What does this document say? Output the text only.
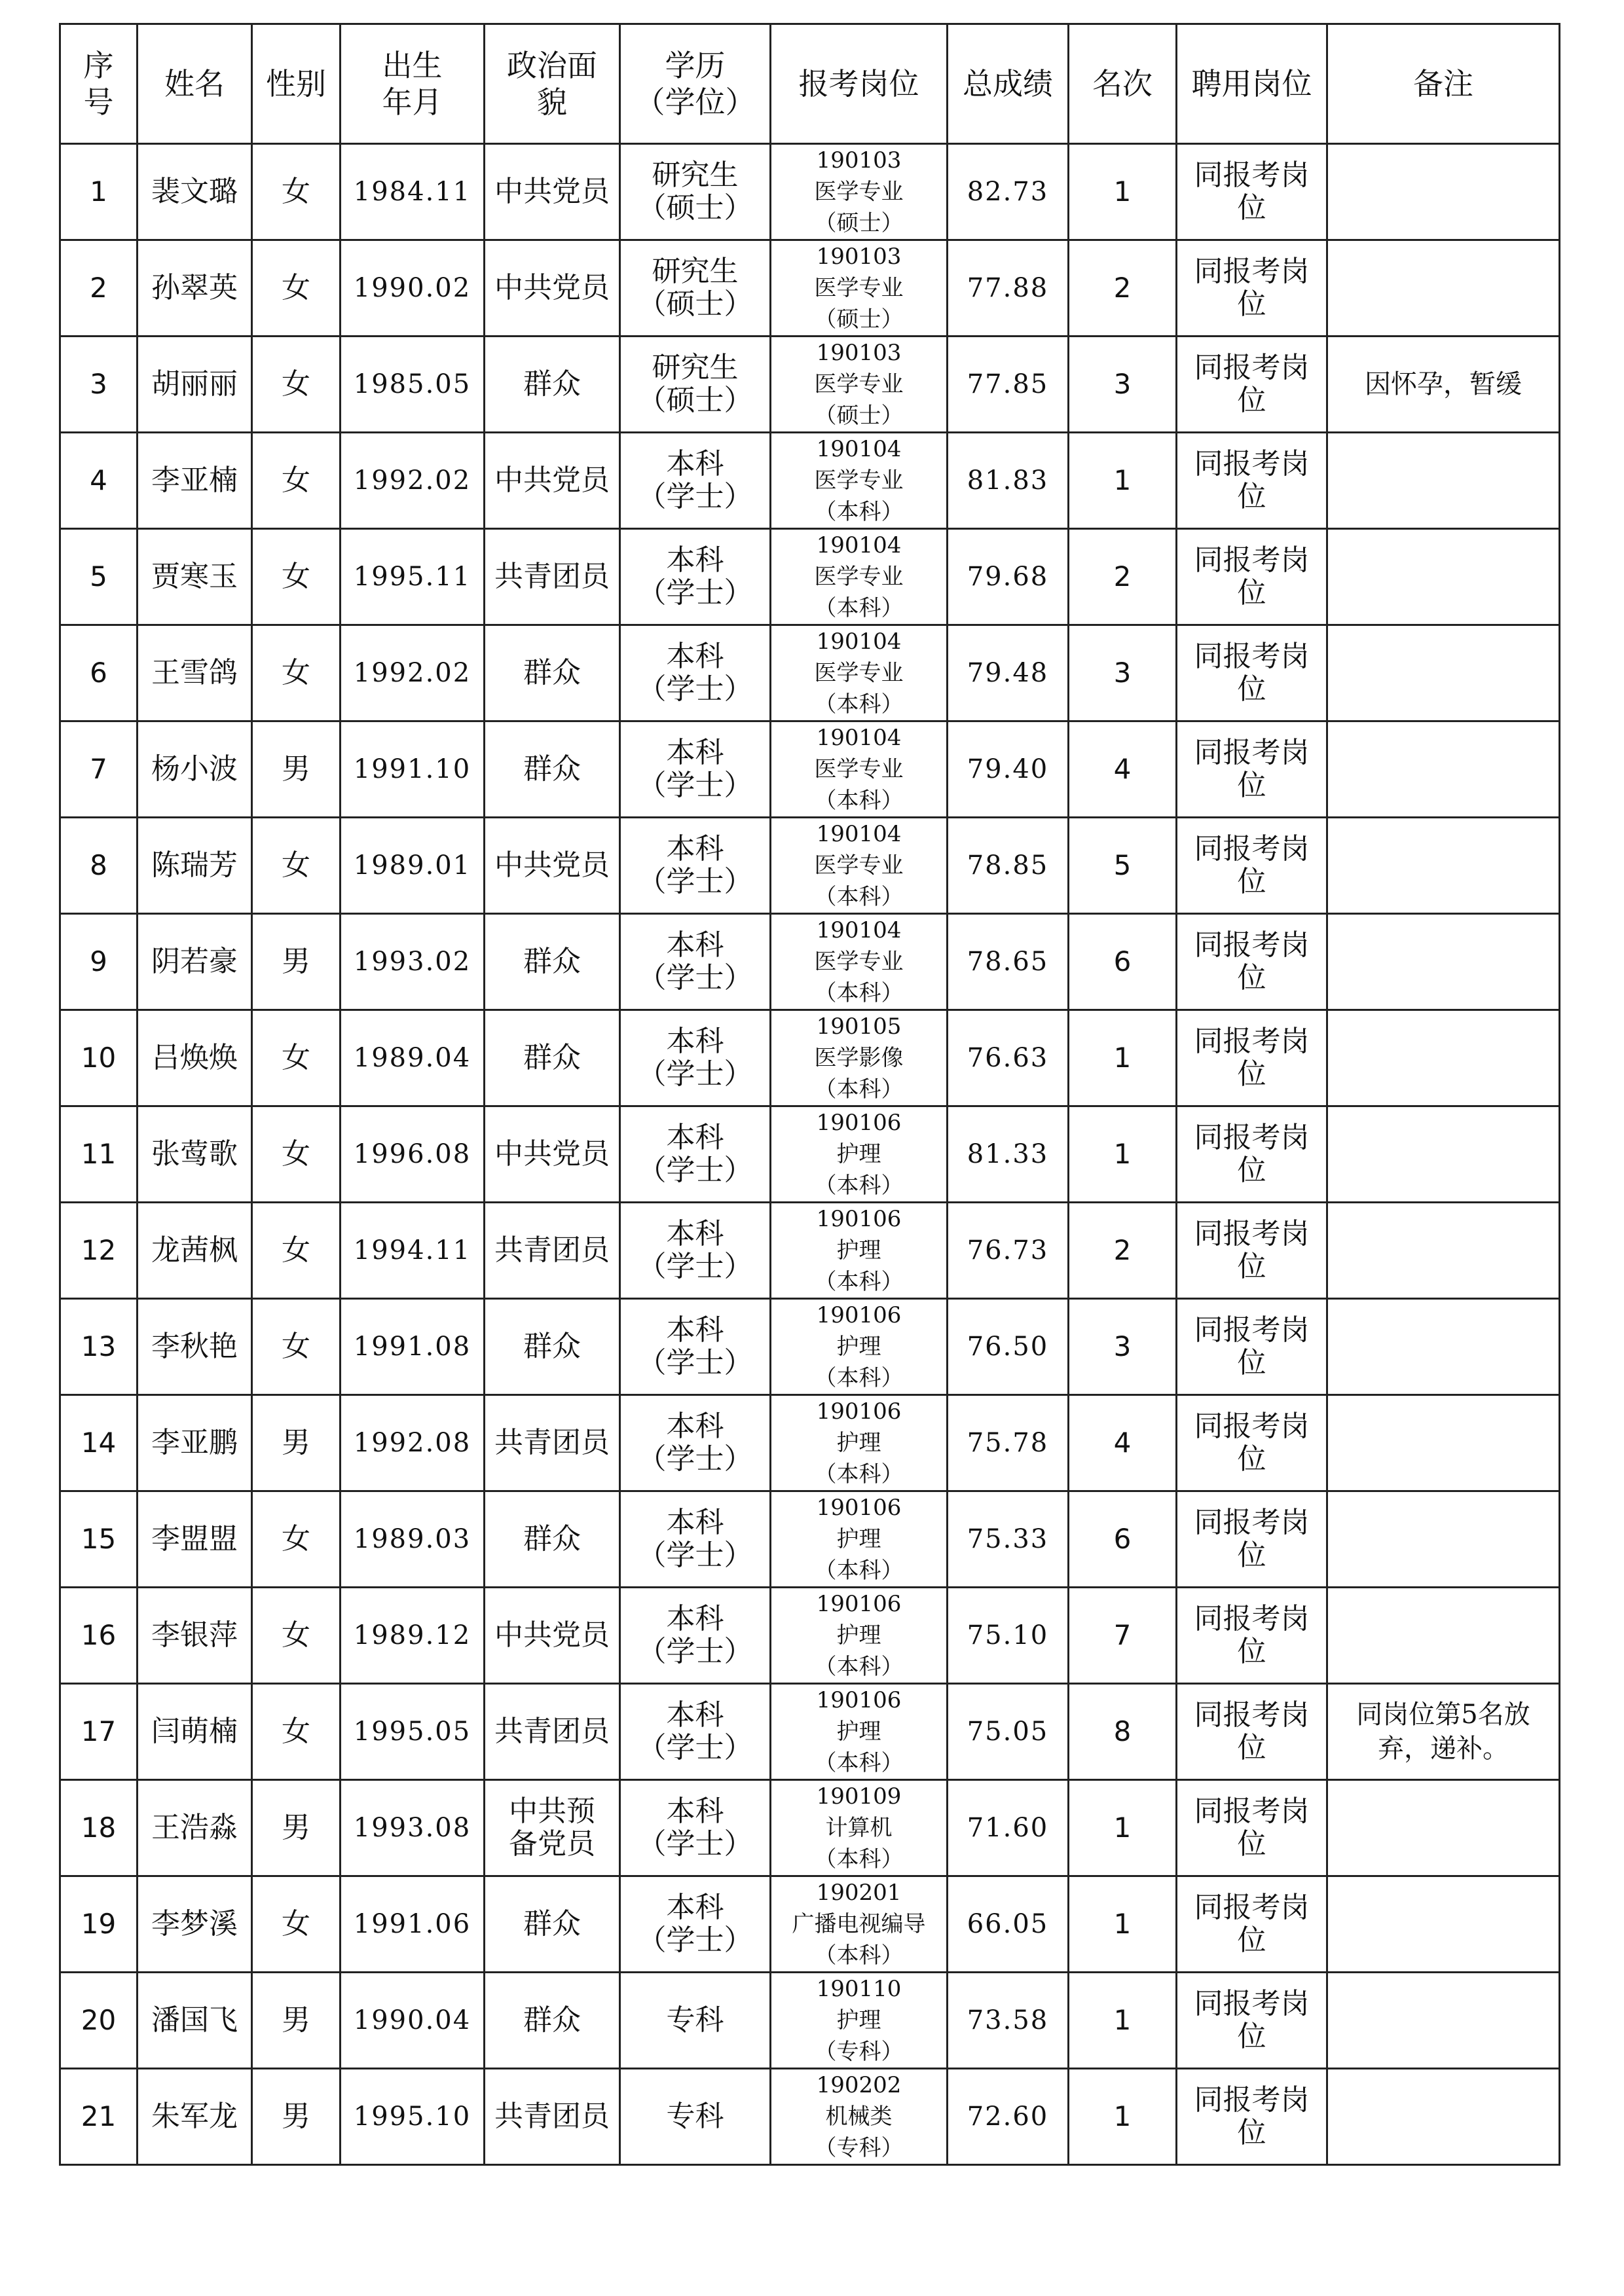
序
号	姓名	性别	出生
年月	政治面
貌	学历
（学位）	报考岗位	总成绩	名次	聘用岗位	备注

1	裴文璐	女	1984.11	中共党员	研究生
（硕士）	190103
医学专业
（硕士）	82.73	1	同报考岗
位	

2	孙翠英	女	1990.02	中共党员	研究生
（硕士）	190103
医学专业
（硕士）	77.88	2	同报考岗
位	

3	胡丽丽	女	1985.05	群众	研究生
（硕士）	190103
医学专业
（硕士）	77.85	3	同报考岗
位	因怀孕，暂缓

4	李亚楠	女	1992.02	中共党员	本科
（学士）	190104
医学专业
（本科）	81.83	1	同报考岗
位	

5	贾寒玉	女	1995.11	共青团员	本科
（学士）	190104
医学专业
（本科）	79.68	2	同报考岗
位	

6	王雪鸽	女	1992.02	群众	本科
（学士）	190104
医学专业
（本科）	79.48	3	同报考岗
位	

7	杨小波	男	1991.10	群众	本科
（学士）	190104
医学专业
（本科）	79.40	4	同报考岗
位	

8	陈瑞芳	女	1989.01	中共党员	本科
（学士）	190104
医学专业
（本科）	78.85	5	同报考岗
位	

9	阴若豪	男	1993.02	群众	本科
（学士）	190104
医学专业
（本科）	78.65	6	同报考岗
位	

10	吕焕焕	女	1989.04	群众	本科
（学士）	190105
医学影像
（本科）	76.63	1	同报考岗
位	

11	张莺歌	女	1996.08	中共党员	本科
（学士）	190106
护理
（本科）	81.33	1	同报考岗
位	

12	龙茜枫	女	1994.11	共青团员	本科
（学士）	190106
护理
（本科）	76.73	2	同报考岗
位	

13	李秋艳	女	1991.08	群众	本科
（学士）	190106
护理
（本科）	76.50	3	同报考岗
位	

14	李亚鹏	男	1992.08	共青团员	本科
（学士）	190106
护理
（本科）	75.78	4	同报考岗
位	

15	李盟盟	女	1989.03	群众	本科
（学士）	190106
护理
（本科）	75.33	6	同报考岗
位	

16	李银萍	女	1989.12	中共党员	本科
（学士）	190106
护理
（本科）	75.10	7	同报考岗
位	

17	闫萌楠	女	1995.05	共青团员	本科
（学士）	190106
护理
（本科）	75.05	8	同报考岗
位	同岗位第5名放
弃，递补。

18	王浩淼	男	1993.08	中共预
备党员	本科
（学士）	190109
计算机
（本科）	71.60	1	同报考岗
位	

19	李梦溪	女	1991.06	群众	本科
（学士）	190201
广播电视编导
（本科）	66.05	1	同报考岗
位	

20	潘国飞	男	1990.04	群众	专科	190110
护理
（专科）	73.58	1	同报考岗
位	

21	朱军龙	男	1995.10	共青团员	专科	190202
机械类
（专科）	72.60	1	同报考岗
位	
